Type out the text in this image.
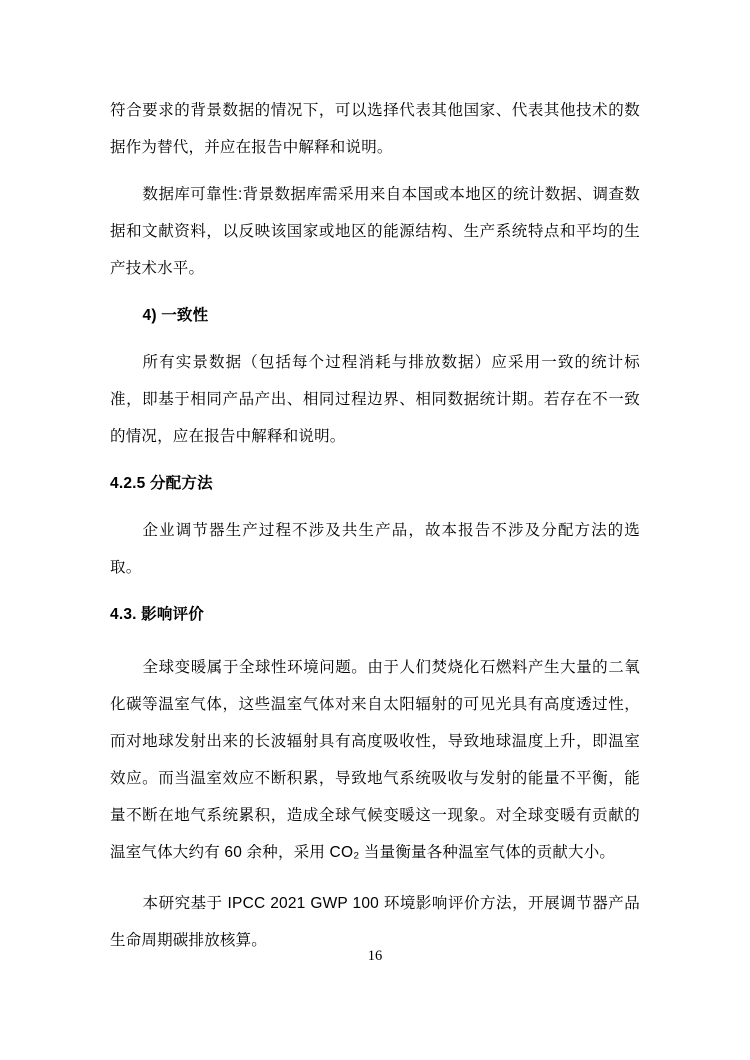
符合要求的背景数据的情况下，可以选择代表其他国家、代表其他技术的数据作为替代，并应在报告中解释和说明。

数据库可靠性:背景数据库需采用来自本国或本地区的统计数据、调查数据和文献资料，以反映该国家或地区的能源结构、生产系统特点和平均的生产技术水平。

4) 一致性

所有实景数据（包括每个过程消耗与排放数据）应采用一致的统计标准，即基于相同产品产出、相同过程边界、相同数据统计期。若存在不一致的情况，应在报告中解释和说明。

4.2.5 分配方法

企业调节器生产过程不涉及共生产品，故本报告不涉及分配方法的选取。

4.3. 影响评价

全球变暖属于全球性环境问题。由于人们焚烧化石燃料产生大量的二氧化碳等温室气体，这些温室气体对来自太阳辐射的可见光具有高度透过性，而对地球发射出来的长波辐射具有高度吸收性，导致地球温度上升，即温室效应。而当温室效应不断积累，导致地气系统吸收与发射的能量不平衡，能量不断在地气系统累积，造成全球气候变暖这一现象。对全球变暖有贡献的温室气体大约有 60 余种，采用 CO₂ 当量衡量各种温室气体的贡献大小。

本研究基于 IPCC 2021 GWP 100 环境影响评价方法，开展调节器产品生命周期碳排放核算。

16
